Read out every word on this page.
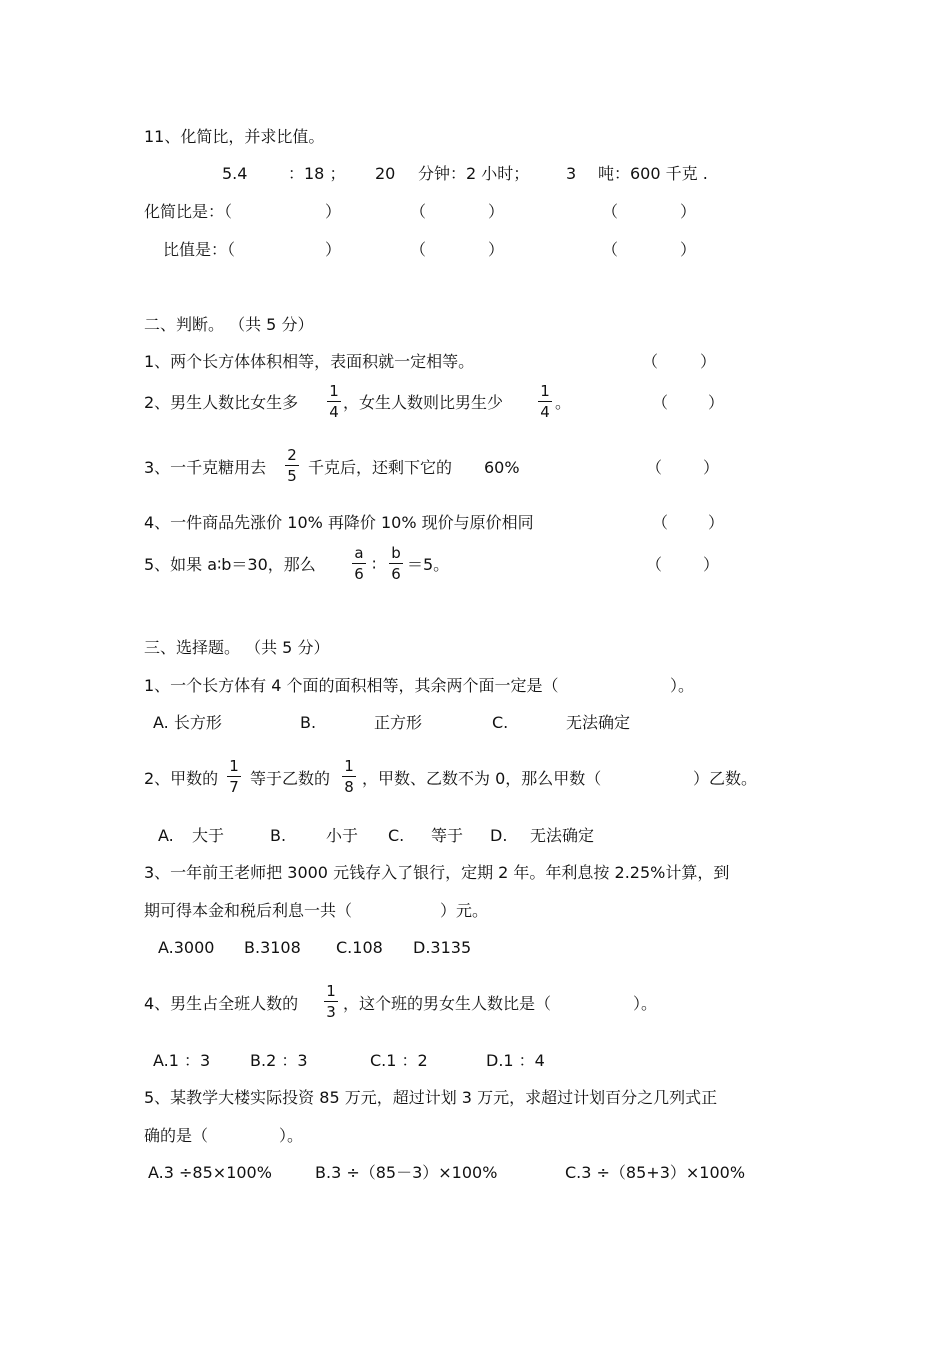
11、化简比，并求比值。
5.4	：18 ； 20 分钟：2 小时； 3 吨：600 千克 .
化简比是：（	）	（	）	（	）
比值是：（	）	（	）	（	）
二、判断。 （共 5 分）
1、两个长方体体积相等，表面积就一定相等。	（	）
2、男生人数比女生多
1
4 ，女生人数则比男生少
1
4 。	（ ）
3、一千克糖用去
2
5 千克后，还剩下它的 60%	（	）
4、一件商品先涨价 10% 再降价 10% 现价与原价相同	（ ）
5、如果 a∶b＝30，那么
a
6 ∶
b
6 ＝5。	（	）
三、选择题。 （共 5 分）
1、一个长方体有 4 个面的面积相等，其余两个面一定是（	）。
A. 长方形	B.	正方形	C.	无法确定
2、甲数的
1
7 等于乙数的
1
8 ，甲数、乙数不为 0，那么甲数（	）乙数。
A. 大于	B. 小于 C. 等于 D. 无法确定
3、一年前王老师把 3000 元钱存入了银行，定期 2 年。年利息按 2.25%计算，到
期可得本金和税后利息一共（	）元。
A.3000 B.3108 C.108 D.3135
4、男生占全班人数的
1
3 ，这个班的男女生人数比是（	）。
A.1 ：3 B.2 ：3	C.1 ：2	D.1 ：4
5、某教学大楼实际投资 85 万元，超过计划 3 万元，求超过计划百分之几列式正
确的是（	）。
A.3 ÷85×100%	B.3 ÷（85－3）×100%	C.3 ÷（85+3）×100%
